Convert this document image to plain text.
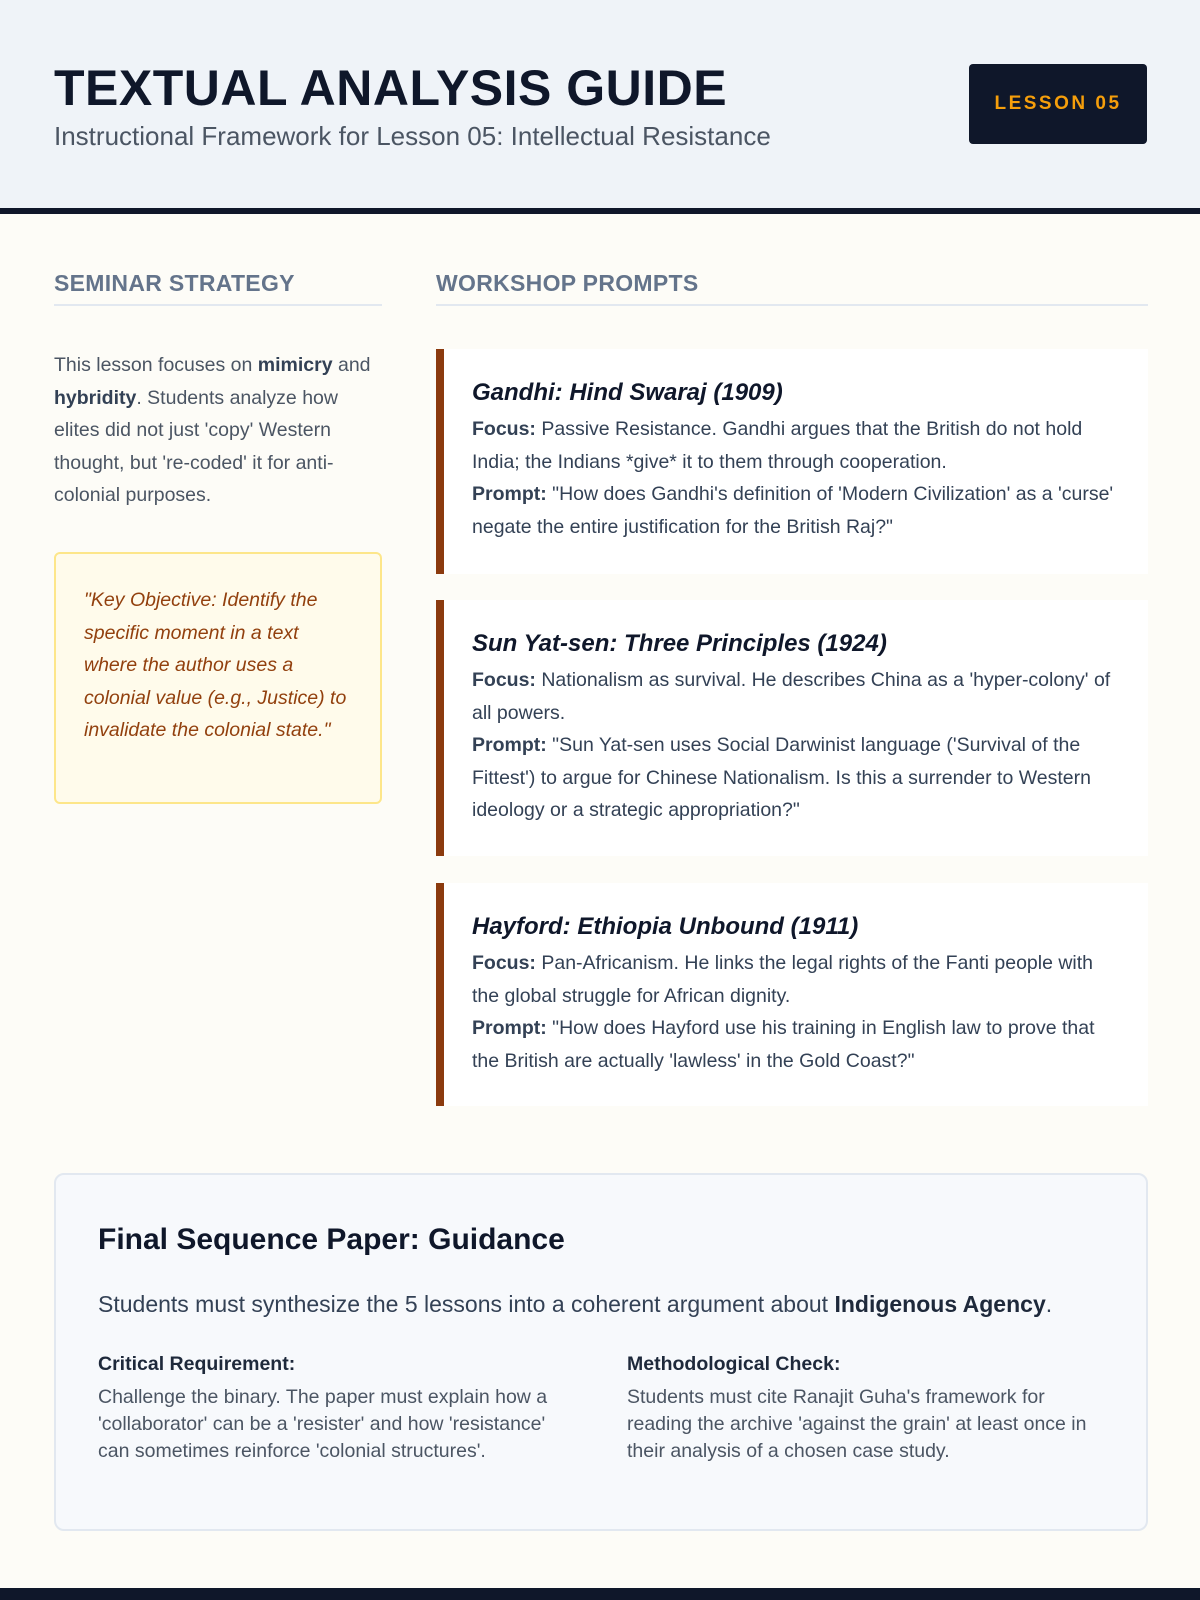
TEXTUAL ANALYSIS GUIDE
Instructional Framework for Lesson 05: Intellectual Resistance
LESSON 05
SEMINAR STRATEGY	WORKSHOP PROMPTS

This lesson focuses on mimicry and hybridity. Students analyze how elites did not just 'copy' Western thought, but 're-coded' it for anti-colonial purposes.

"Key Objective: Identify the specific moment in a text where the author uses a colonial value (e.g., Justice) to invalidate the colonial state."
Gandhi: Hind Swaraj (1909)
Focus: Passive Resistance. Gandhi argues that the British do not hold India; the Indians *give* it to them through cooperation.
Prompt: "How does Gandhi's definition of 'Modern Civilization' as a 'curse' negate the entire justification for the British Raj?"
Sun Yat-sen: Three Principles (1924)
Focus: Nationalism as survival. He describes China as a 'hyper-colony' of all powers.
Prompt: "Sun Yat-sen uses Social Darwinist language ('Survival of the Fittest') to argue for Chinese Nationalism. Is this a surrender to Western ideology or a strategic appropriation?"
Hayford: Ethiopia Unbound (1911)
Focus: Pan-Africanism. He links the legal rights of the Fanti people with the global struggle for African dignity.
Prompt: "How does Hayford use his training in English law to prove that the British are actually 'lawless' in the Gold Coast?"
Final Sequence Paper: Guidance

Students must synthesize the 5 lessons into a coherent argument about Indigenous Agency.

Critical Requirement:
Challenge the binary. The paper must explain how a 'collaborator' can be a 'resister' and how 'resistance' can sometimes reinforce 'colonial structures'.
Methodological Check:
Students must cite Ranajit Guha's framework for reading the archive 'against the grain' at least once in their analysis of a chosen case study.
